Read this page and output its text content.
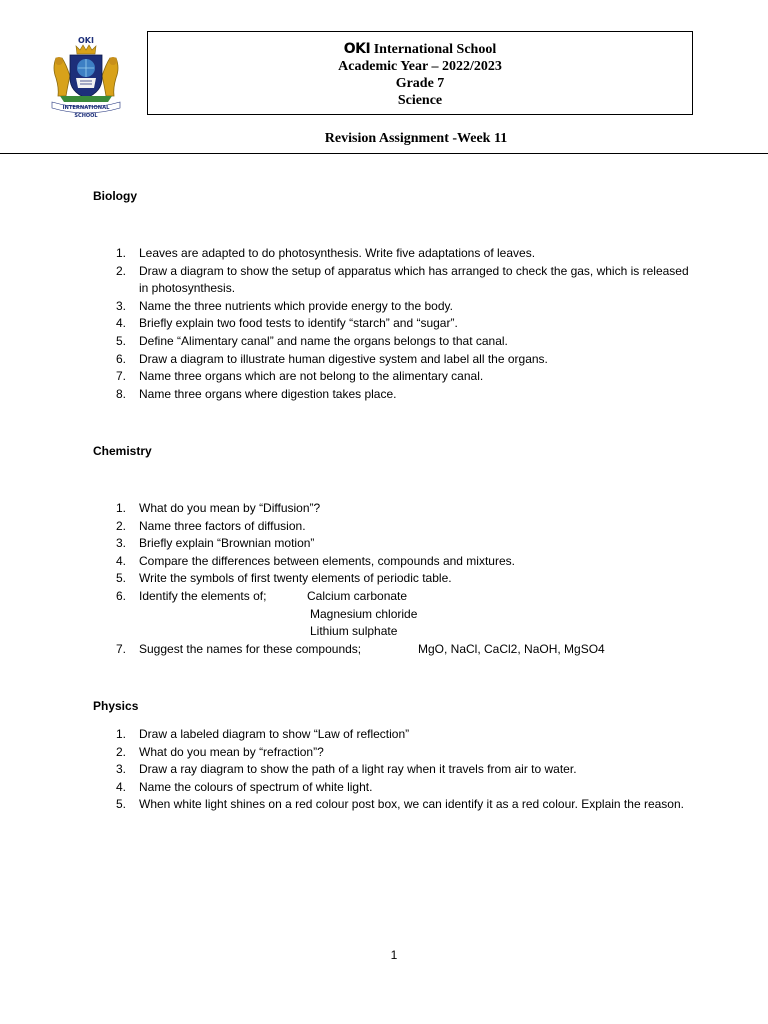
OKI
INTERNATIONAL
SCHOOL
OKI International School
Academic Year – 2022/2023
Grade 7
Science
Revision Assignment -Week 11
Biology
1. Leaves are adapted to do photosynthesis. Write five adaptations of leaves.
2. Draw a diagram to show the setup of apparatus which has arranged to check the gas, which is released in photosynthesis.
3. Name the three nutrients which provide energy to the body.
4. Briefly explain two food tests to identify “starch” and “sugar”.
5. Define “Alimentary canal” and name the organs belongs to that canal.
6. Draw a diagram to illustrate human digestive system and label all the organs.
7. Name three organs which are not belong to the alimentary canal.
8. Name three organs where digestion takes place.
Chemistry
1. What do you mean by “Diffusion”?
2. Name three factors of diffusion.
3. Briefly explain “Brownian motion”
4. Compare the differences between elements, compounds and mixtures.
5. Write the symbols of first twenty elements of periodic table.
6. Identify the elements of;	Calcium carbonate
Magnesium chloride
Lithium sulphate
7. Suggest the names for these compounds;	MgO, NaCl, CaCl2, NaOH, MgSO4
Physics
1. Draw a labeled diagram to show “Law of reflection”
2. What do you mean by “refraction”?
3. Draw a ray diagram to show the path of a light ray when it travels from air to water.
4. Name the colours of spectrum of white light.
5. When white light shines on a red colour post box, we can identify it as a red colour. Explain the reason.
1
